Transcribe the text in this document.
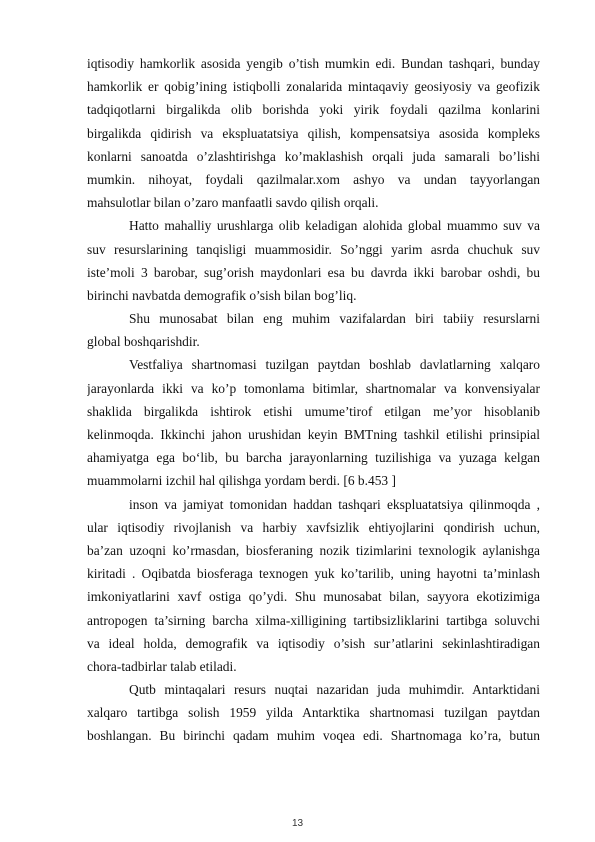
iqtisodiy hamkorlik asosida yengib o’tish mumkin edi. Bundan tashqari, bunday
hamkorlik er qobig’ining istiqbolli zonalarida mintaqaviy geosiyosiy va geofizik
tadqiqotlarni birgalikda olib borishda yoki yirik foydali qazilma konlarini
birgalikda qidirish va ekspluatatsiya qilish, kompensatsiya asosida kompleks
konlarni sanoatda o’zlashtirishga ko’maklashish orqali juda samarali bo’lishi
mumkin. nihoyat, foydali qazilmalar.xom ashyo va undan tayyorlangan
mahsulotlar bilan o’zaro manfaatli savdo qilish orqali.
Hatto mahalliy urushlarga olib keladigan alohida global muammo suv va
suv resurslarining tanqisligi muammosidir. So’nggi yarim asrda chuchuk suv
iste’moli 3 barobar, sug’orish maydonlari esa bu davrda ikki barobar oshdi, bu
birinchi navbatda demografik o’sish bilan bog’liq.
Shu munosabat bilan eng muhim vazifalardan biri tabiiy resurslarni
global boshqarishdir.
Vestfaliya shartnomasi tuzilgan paytdan boshlab davlatlarning xalqaro
jarayonlarda ikki va ko’p tomonlama bitimlar, shartnomalar va konvensiyalar
shaklida birgalikda ishtirok etishi umume’tirof etilgan me’yor hisoblanib
kelinmoqda. Ikkinchi jahon urushidan keyin BMTning tashkil etilishi prinsipial
ahamiyatga ega bo‘lib, bu barcha jarayonlarning tuzilishiga va yuzaga kelgan
muammolarni izchil hal qilishga yordam berdi. [6 b.453 ]
inson va jamiyat tomonidan haddan tashqari ekspluatatsiya qilinmoqda ,
ular iqtisodiy rivojlanish va harbiy xavfsizlik ehtiyojlarini qondirish uchun,
ba’zan uzoqni ko’rmasdan, biosferaning nozik tizimlarini texnologik aylanishga
kiritadi . Oqibatda biosferaga texnogen yuk ko’tarilib, uning hayotni ta’minlash
imkoniyatlarini xavf ostiga qo’ydi. Shu munosabat bilan, sayyora ekotizimiga
antropogen ta’sirning barcha xilma-xilligining tartibsizliklarini tartibga soluvchi
va ideal holda, demografik va iqtisodiy o’sish sur’atlarini sekinlashtiradigan
chora-tadbirlar talab etiladi.
Qutb mintaqalari resurs nuqtai nazaridan juda muhimdir. Antarktidani
xalqaro tartibga solish 1959 yilda Antarktika shartnomasi tuzilgan paytdan
boshlangan. Bu birinchi qadam muhim voqea edi. Shartnomaga ko’ra, butun
13
